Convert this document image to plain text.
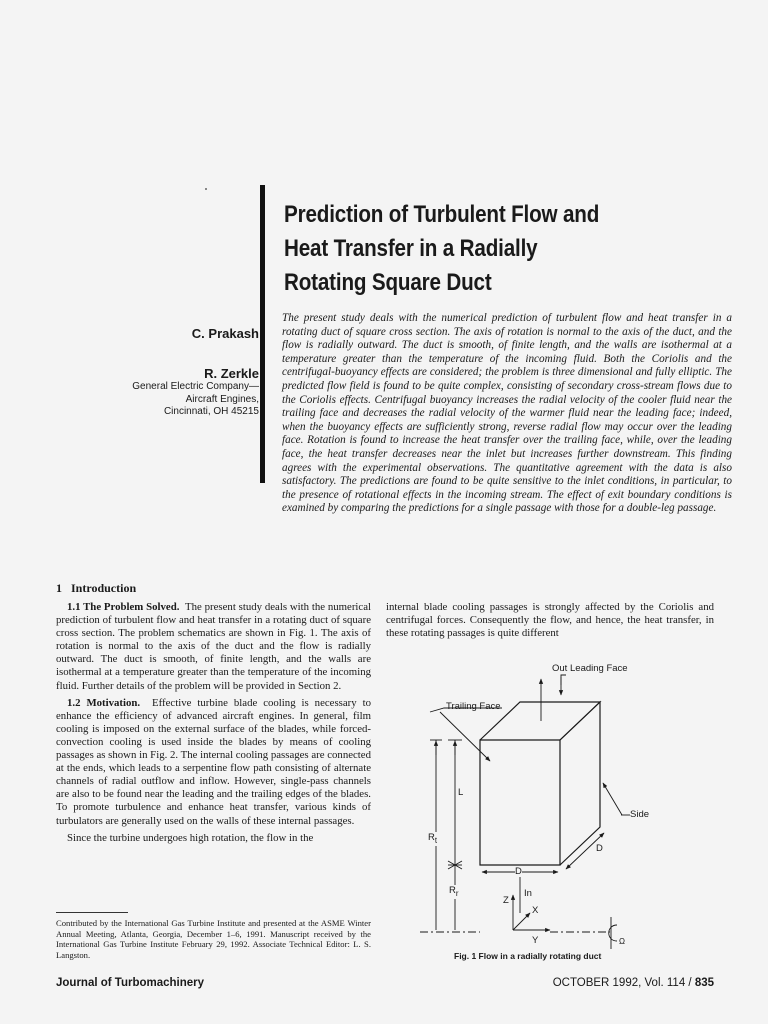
Prediction of Turbulent Flow and
Heat Transfer in a Radially
Rotating Square Duct
C. Prakash
R. Zerkle
General Electric Company—
Aircraft Engines,
Cincinnati, OH 45215

The present study deals with the numerical prediction of turbulent flow and heat transfer in a rotating duct of square cross section. The axis of rotation is normal to the axis of the duct, and the flow is radially outward. The duct is smooth, of finite length, and the walls are isothermal at a temperature greater than the temperature of the incoming fluid. Both the Coriolis and the centrifugal-buoyancy effects are considered; the problem is three dimensional and fully elliptic. The predicted flow field is found to be quite complex, consisting of secondary cross-stream flows due to the Coriolis effects. Centrifugal buoyancy increases the radial velocity of the cooler fluid near the trailing face and decreases the radial velocity of the warmer fluid near the leading face; indeed, when the buoyancy effects are sufficiently strong, reverse radial flow may occur over the leading face. Rotation is found to increase the heat transfer over the trailing face, while, over the leading face, the heat transfer decreases near the inlet but increases further downstream. This finding agrees with the experimental observations. The quantitative agreement with the data is also satisfactory. The predictions are found to be quite sensitive to the inlet conditions, in particular, to the presence of rotational effects in the incoming stream. The effect of exit boundary conditions is examined by comparing the predictions for a single passage with those for a double-leg passage.

1 Introduction

1.1 The Problem Solved. The present study deals with the numerical prediction of turbulent flow and heat transfer in a rotating duct of square cross section. The problem schematics are shown in Fig. 1. The axis of rotation is normal to the axis of the duct and the flow is radially outward. The duct is smooth, of finite length, and the walls are isothermal at a temperature greater than the temperature of the incoming fluid. Further details of the problem will be provided in Section 2.

1.2 Motivation. Effective turbine blade cooling is necessary to enhance the efficiency of advanced aircraft engines. In general, film cooling is imposed on the external surface of the blades, while forced-convection cooling is used inside the blades by means of cooling passages as shown in Fig. 2. The internal cooling passages are connected at the ends, which leads to a serpentine flow path consisting of alternate channels of radial outflow and inflow. However, single-pass channels are also to be found near the leading and the trailing edges of the blades. To promote turbulence and enhance heat transfer, various kinds of turbulators are generally used on the walls of these internal passages.

Since the turbine undergoes high rotation, the flow in the

internal blade cooling passages is strongly affected by the Coriolis and centrifugal forces. Consequently the flow, and hence, the heat transfer, in these rotating passages is quite different

Contributed by the International Gas Turbine Institute and presented at the ASME Winter Annual Meeting, Atlanta, Georgia, December 1–6, 1991. Manuscript received by the International Gas Turbine Institute February 29, 1992. Associate Technical Editor: L. S. Langston.

Out Leading Face
Trailing Face
Side
L
$R_t$
$R_r$
D
D
In
Z
X
Y	Ω
Fig. 1 Flow in a radially rotating duct
Journal of Turbomachinery	OCTOBER 1992, Vol. 114 / 835
